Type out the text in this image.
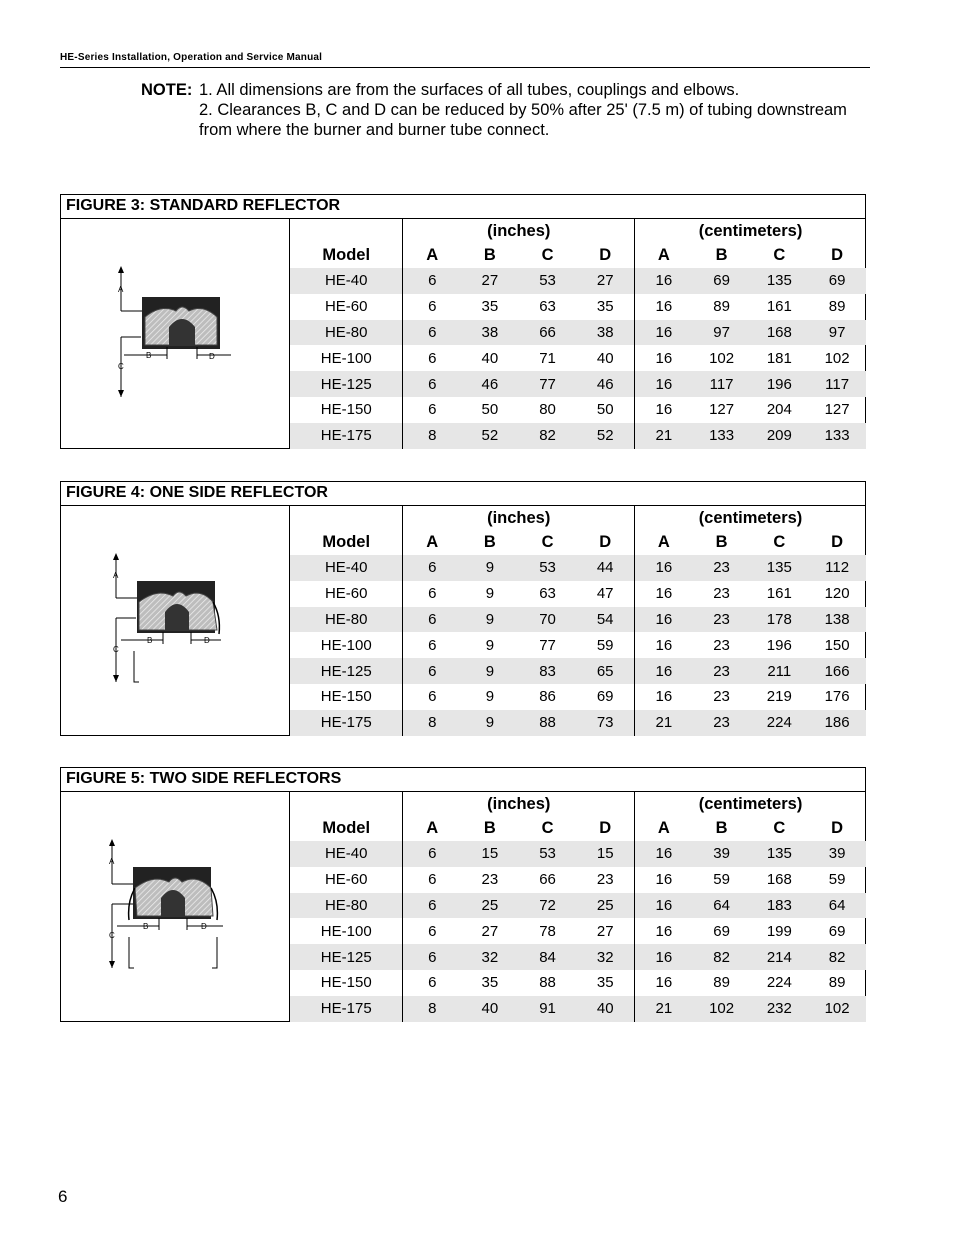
HE-Series Installation, Operation and Service Manual
NOTE: 1. All dimensions are from the surfaces of all tubes, couplings and elbows.
2. Clearances B, C and D can be reduced by 50% after 25' (7.5 m) of tubing downstream
from where the burner and burner tube connect.
FIGURE 3: STANDARD REFLECTOR
A
C
B	D
	(inches)				(centimeters)			
Model	A	B	C	D	A	B	C	D
HE-40	6	27	53	27	16	69	135	69
HE-60	6	35	63	35	16	89	161	89
HE-80	6	38	66	38	16	97	168	97
HE-100	6	40	71	40	16	102	181	102
HE-125	6	46	77	46	16	117	196	117
HE-150	6	50	80	50	16	127	204	127
HE-175	8	52	82	52	21	133	209	133
FIGURE 4: ONE SIDE REFLECTOR
A
C
B	D
	(inches)				(centimeters)			
Model	A	B	C	D	A	B	C	D
HE-40	6	9	53	44	16	23	135	112
HE-60	6	9	63	47	16	23	161	120
HE-80	6	9	70	54	16	23	178	138
HE-100	6	9	77	59	16	23	196	150
HE-125	6	9	83	65	16	23	211	166
HE-150	6	9	86	69	16	23	219	176
HE-175	8	9	88	73	21	23	224	186
FIGURE 5: TWO SIDE REFLECTORS
A
C
B	D
	(inches)				(centimeters)			
Model	A	B	C	D	A	B	C	D
HE-40	6	15	53	15	16	39	135	39
HE-60	6	23	66	23	16	59	168	59
HE-80	6	25	72	25	16	64	183	64
HE-100	6	27	78	27	16	69	199	69
HE-125	6	32	84	32	16	82	214	82
HE-150	6	35	88	35	16	89	224	89
HE-175	8	40	91	40	21	102	232	102
6
